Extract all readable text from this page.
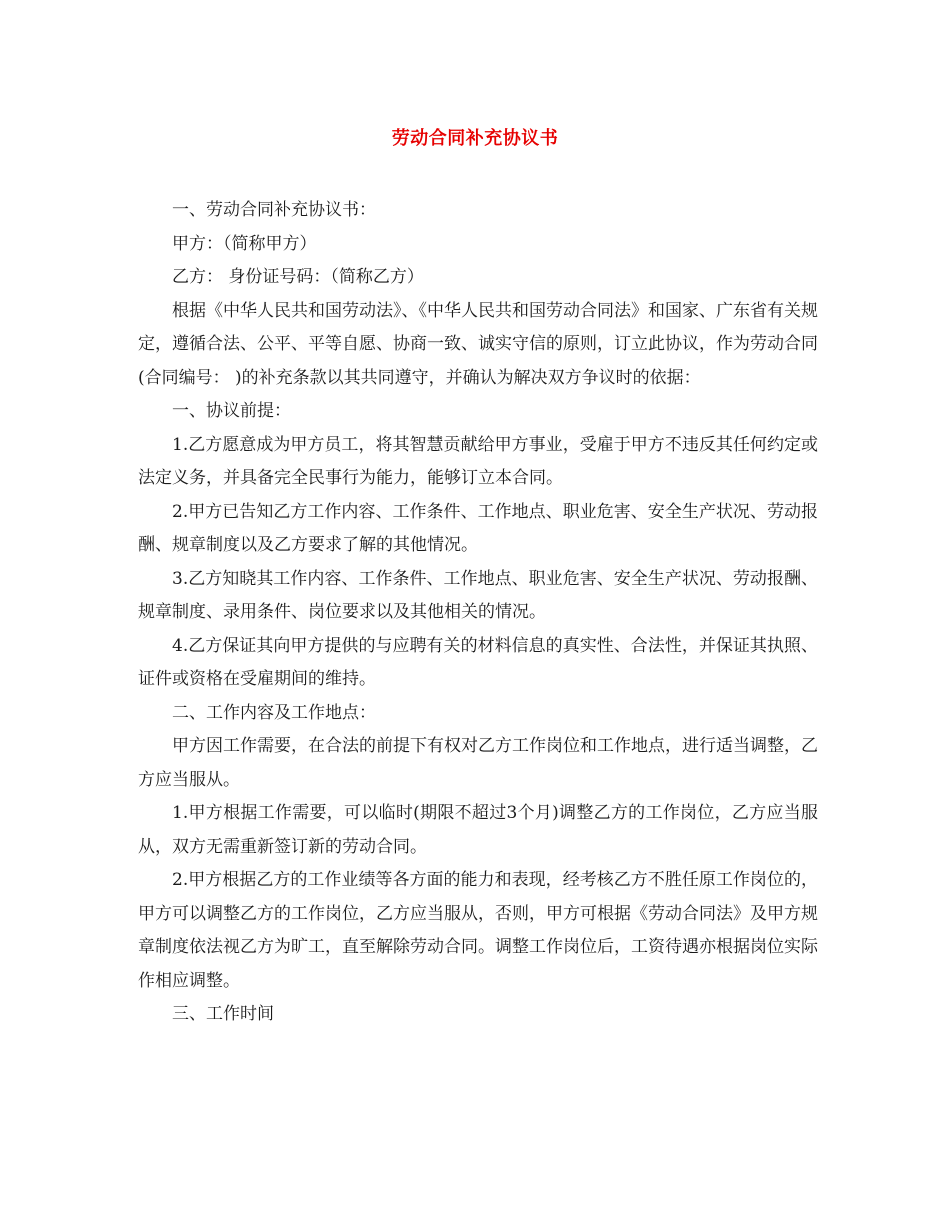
劳动合同补充协议书

一、劳动合同补充协议书：

甲方：（简称甲方）

乙方： 身份证号码：（简称乙方）

根据《中华人民共和国劳动法》、《中华人民共和国劳动合同法》和国家、广东省有关规定，遵循合法、公平、平等自愿、协商一致、诚实守信的原则，订立此协议，作为劳动合同(合同编号： )的补充条款以其共同遵守，并确认为解决双方争议时的依据：

一、协议前提：

1.乙方愿意成为甲方员工，将其智慧贡献给甲方事业，受雇于甲方不违反其任何约定或法定义务，并具备完全民事行为能力，能够订立本合同。

2.甲方已告知乙方工作内容、工作条件、工作地点、职业危害、安全生产状况、劳动报酬、规章制度以及乙方要求了解的其他情况。

3.乙方知晓其工作内容、工作条件、工作地点、职业危害、安全生产状况、劳动报酬、规章制度、录用条件、岗位要求以及其他相关的情况。

4.乙方保证其向甲方提供的与应聘有关的材料信息的真实性、合法性，并保证其执照、证件或资格在受雇期间的维持。

二、工作内容及工作地点：

甲方因工作需要，在合法的前提下有权对乙方工作岗位和工作地点，进行适当调整，乙方应当服从。

1.甲方根据工作需要，可以临时(期限不超过3个月)调整乙方的工作岗位，乙方应当服从，双方无需重新签订新的劳动合同。

2.甲方根据乙方的工作业绩等各方面的能力和表现，经考核乙方不胜任原工作岗位的，甲方可以调整乙方的工作岗位，乙方应当服从，否则，甲方可根据《劳动合同法》及甲方规章制度依法视乙方为旷工，直至解除劳动合同。调整工作岗位后，工资待遇亦根据岗位实际作相应调整。

三、工作时间
